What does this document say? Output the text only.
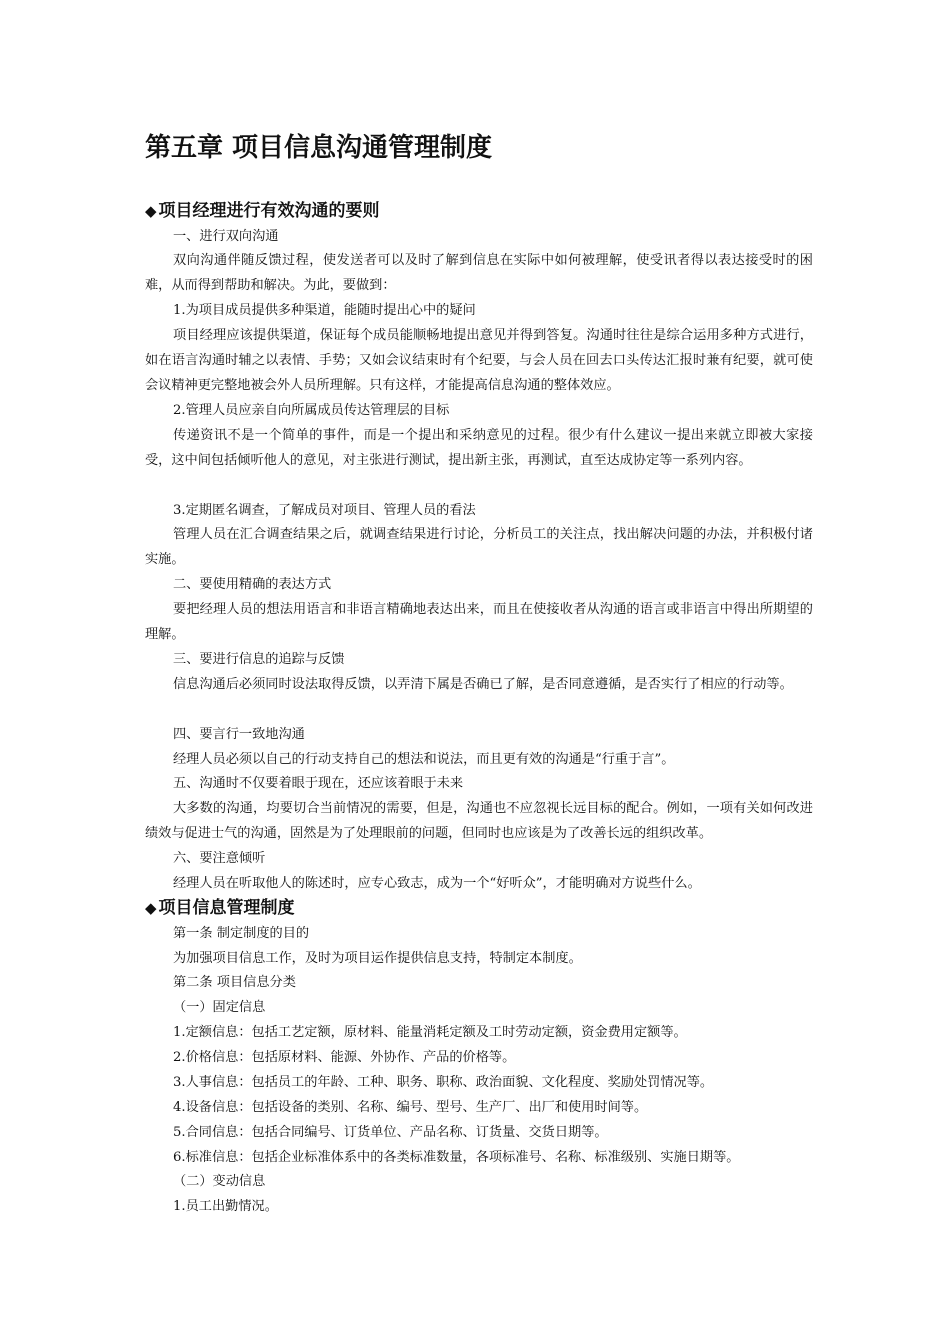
第五章 项目信息沟通管理制度
◆ 项目经理进行有效沟通的要则

一、进行双向沟通

双向沟通伴随反馈过程，使发送者可以及时了解到信息在实际中如何被理解，使受讯者得以表达接受时的困难，从而得到帮助和解决。为此，要做到：

1.为项目成员提供多种渠道，能随时提出心中的疑问

项目经理应该提供渠道，保证每个成员能顺畅地提出意见并得到答复。沟通时往往是综合运用多种方式进行，如在语言沟通时辅之以表情、手势；又如会议结束时有个纪要，与会人员在回去口头传达汇报时兼有纪要，就可使会议精神更完整地被会外人员所理解。只有这样，才能提高信息沟通的整体效应。

2.管理人员应亲自向所属成员传达管理层的目标

传递资讯不是一个简单的事件，而是一个提出和采纳意见的过程。很少有什么建议一提出来就立即被大家接受，这中间包括倾听他人的意见，对主张进行测试，提出新主张，再测试，直至达成协定等一系列内容。

3.定期匿名调查，了解成员对项目、管理人员的看法

管理人员在汇合调查结果之后，就调查结果进行讨论，分析员工的关注点，找出解决问题的办法，并积极付诸实施。

二、要使用精确的表达方式

要把经理人员的想法用语言和非语言精确地表达出来，而且在使接收者从沟通的语言或非语言中得出所期望的理解。

三、要进行信息的追踪与反馈

信息沟通后必须同时设法取得反馈，以弄清下属是否确已了解，是否同意遵循，是否实行了相应的行动等。

四、要言行一致地沟通

经理人员必须以自己的行动支持自己的想法和说法，而且更有效的沟通是“行重于言”。

五、沟通时不仅要着眼于现在，还应该着眼于未来

大多数的沟通，均要切合当前情况的需要，但是，沟通也不应忽视长远目标的配合。例如，一项有关如何改进绩效与促进士气的沟通，固然是为了处理眼前的问题，但同时也应该是为了改善长远的组织改革。

六、要注意倾听

经理人员在听取他人的陈述时，应专心致志，成为一个“好听众”，才能明确对方说些什么。

◆ 项目信息管理制度

第一条 制定制度的目的

为加强项目信息工作，及时为项目运作提供信息支持，特制定本制度。

第二条 项目信息分类

（一）固定信息

1.定额信息：包括工艺定额，原材料、能量消耗定额及工时劳动定额，资金费用定额等。

2.价格信息：包括原材料、能源、外协作、产品的价格等。

3.人事信息：包括员工的年龄、工种、职务、职称、政治面貌、文化程度、奖励处罚情况等。

4.设备信息：包括设备的类别、名称、编号、型号、生产厂、出厂和使用时间等。

5.合同信息：包括合同编号、订货单位、产品名称、订货量、交货日期等。

6.标准信息：包括企业标准体系中的各类标准数量，各项标准号、名称、标准级别、实施日期等。

（二）变动信息

1.员工出勤情况。
